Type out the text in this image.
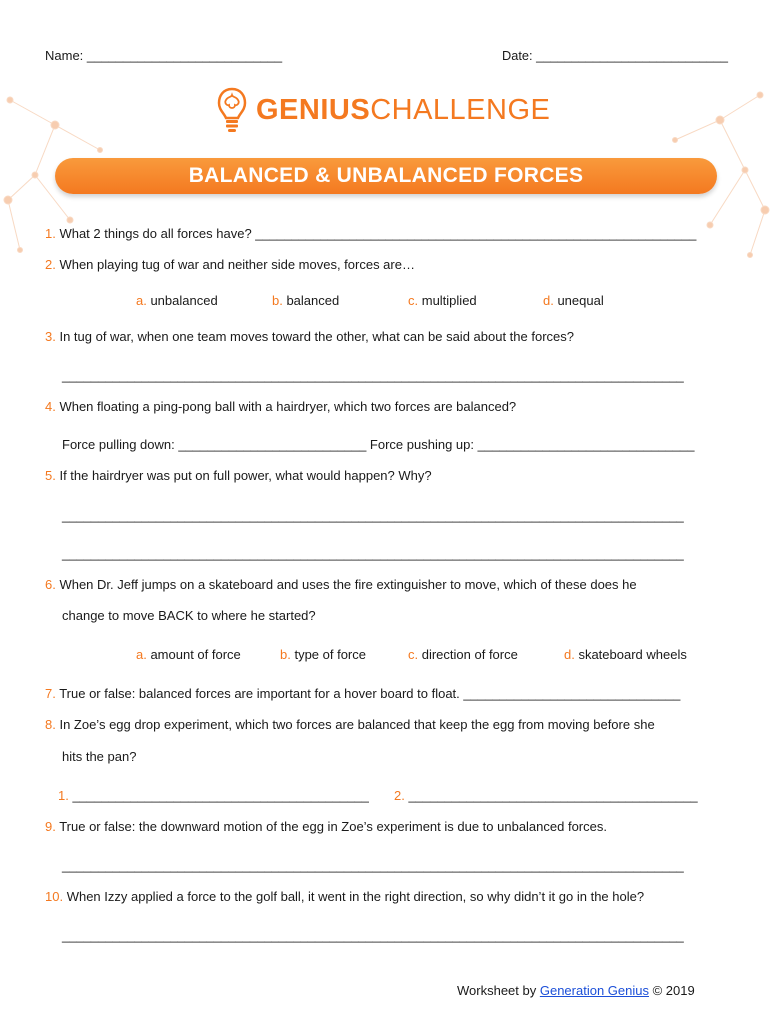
Name: ___________________________	Date: ___________________________
GENIUSCHALLENGE
BALANCED & UNBALANCED FORCES
1. What 2 things do all forces have? _____________________________________________________________
2. When playing tug of war and neither side moves, forces are…
a. unbalanced	b. balanced	c. multiplied	d. unequal
3. In tug of war, when one team moves toward the other, what can be said about the forces?
______________________________________________________________________________________
4. When floating a ping-pong ball with a hairdryer, which two forces are balanced?
Force pulling down: __________________________ Force pushing up: ______________________________
5. If the hairdryer was put on full power, what would happen? Why?
______________________________________________________________________________________
______________________________________________________________________________________
6. When Dr. Jeff jumps on a skateboard and uses the fire extinguisher to move, which of these does he
change to move BACK to where he started?
a. amount of force	b. type of force	c. direction of force	d. skateboard wheels
7. True or false: balanced forces are important for a hover board to float. ______________________________
8. In Zoe’s egg drop experiment, which two forces are balanced that keep the egg from moving before she
hits the pan?
1. _________________________________________ 2. ________________________________________
9. True or false: the downward motion of the egg in Zoe’s experiment is due to unbalanced forces.
______________________________________________________________________________________
10. When Izzy applied a force to the golf ball, it went in the right direction, so why didn’t it go in the hole?
______________________________________________________________________________________
Worksheet by Generation Genius © 2019
